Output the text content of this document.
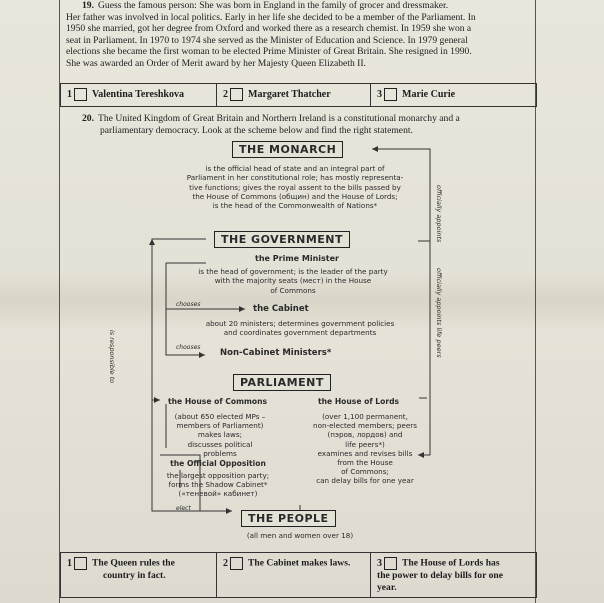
19. Guess the famous person: She was born in England in the family of grocer and dressmaker.
Her father was involved in local politics. Early in her life she decided to be a member of the Parliament. In
1950 she married, got her degree from Oxford and worked there as a research chemist. In 1959 she won a
seat in Parliament. In 1970 to 1974 she served as the Minister of Education and Science. In 1979 general
elections she became the first woman to be elected Prime Minister of Great Britain. She resigned in 1990.
She was awarded an Order of Merit award by her Majesty Queen Elizabeth II.
1 Valentina Tereshkova	2 Margaret Thatcher	3 Marie Curie
20. The United Kingdom of Great Britain and Northern Ireland is a constitutional monarchy and a
parliamentary democracy. Look at the scheme below and find the right statement.
is responsible to
officially appoints
officially appoints life peers
THE MONARCH
is the official head of state and an integral part of
Parliament in her constitutional role; has mostly representa-
tive functions; gives the royal assent to the bills passed by
the House of Commons (общин) and the House of Lords;
is the head of the Commonwealth of Nations*
THE GOVERNMENT
the Prime Minister
is the head of government; is the leader of the party
with the majority seats (мест) in the House
of Commons
chooses	the Cabinet
about 20 ministers; determines government policies
and coordinates government departments
chooses
Non-Cabinet Ministers*
PARLIAMENT
the House of Commons
(about 650 elected MPs –
members of Parliament)
makes laws;
discusses political
problems
the Official Opposition
the largest opposition party;
forms the Shadow Cabinet*
(«теневой» кабинет)
the House of Lords
(over 1,100 permanent,
non-elected members; peers
(пэров, лордов) and
life peers*)
examines and revises bills
from the House
of Commons;
can delay bills for one year
elect
THE PEOPLE
(all men and women over 18)
1 The Queen rules the
country in fact.
2 The Cabinet makes laws.	3 The House of Lords has
the power to delay bills for one
year.
